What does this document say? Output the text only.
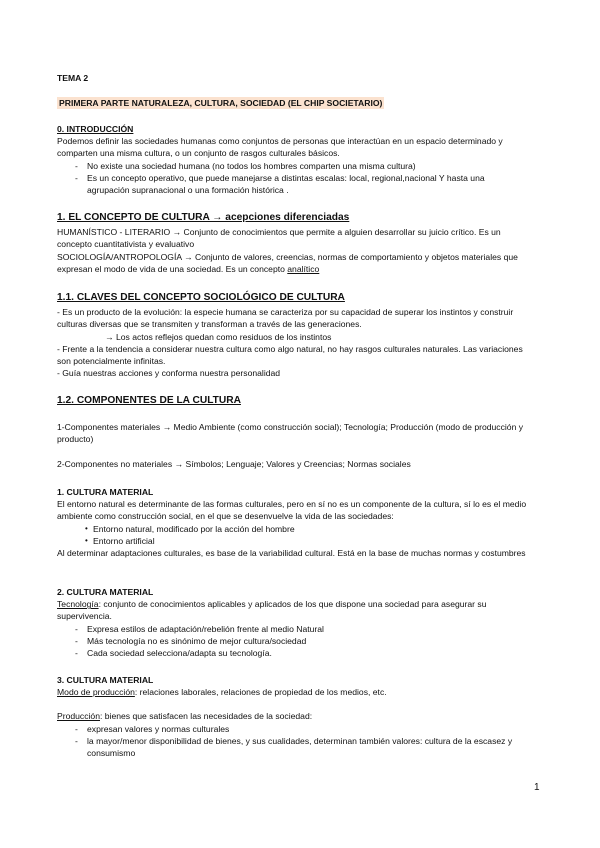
TEMA 2
PRIMERA PARTE NATURALEZA, CULTURA, SOCIEDAD (EL CHIP SOCIETARIO)
0. INTRODUCCIÓN
Podemos definir las sociedades humanas como conjuntos de personas que interactúan en un espacio determinado y comparten una misma cultura, o un conjunto de rasgos culturales básicos.
-	No existe una sociedad humana (no todos los hombres comparten una misma cultura)
-	Es un concepto operativo, que puede manejarse a distintas escalas: local, regional,nacional Y hasta una agrupación supranacional o una formación histórica .
1. EL CONCEPTO DE CULTURA → acepciones diferenciadas
HUMANÍSTICO - LITERARIO → Conjunto de conocimientos que permite a alguien desarrollar su juicio crítico. Es un concepto cuantitativista y evaluativo
SOCIOLOGÍA/ANTROPOLOGÍA → Conjunto de valores, creencias, normas de comportamiento y objetos materiales que expresan el modo de vida de una sociedad. Es un concepto analítico
1.1. CLAVES DEL CONCEPTO SOCIOLÓGICO DE CULTURA
- Es un producto de la evolución: la especie humana se caracteriza por su capacidad de superar los instintos y construir culturas diversas que se transmiten y transforman a través de las generaciones.
→ Los actos reflejos quedan como residuos de los instintos
- Frente a la tendencia a considerar nuestra cultura como algo natural, no hay rasgos culturales naturales. Las variaciones son potencialmente infinitas.
- Guía nuestras acciones y conforma nuestra personalidad
1.2. COMPONENTES DE LA CULTURA
1-Componentes materiales → Medio Ambiente (como construcción social); Tecnología; Producción (modo de producción y producto)
2-Componentes no materiales → Símbolos; Lenguaje; Valores y Creencias; Normas sociales
1. CULTURA MATERIAL
El entorno natural es determinante de las formas culturales, pero en sí no es un componente de la cultura, sí lo es el medio ambiente como construcción social, en el que se desenvuelve la vida de las sociedades:
• Entorno natural, modificado por la acción del hombre
• Entorno artificial
Al determinar adaptaciones culturales, es base de la variabilidad cultural. Está en la base de muchas normas y costumbres
2. CULTURA MATERIAL
Tecnología: conjunto de conocimientos aplicables y aplicados de los que dispone una sociedad para asegurar su supervivencia.
-	Expresa estilos de adaptación/rebelión frente al medio Natural
-	Más tecnología no es sinónimo de mejor cultura/sociedad
-	Cada sociedad selecciona/adapta su tecnología.
3. CULTURA MATERIAL
Modo de producción: relaciones laborales, relaciones de propiedad de los medios, etc.
Producción: bienes que satisfacen las necesidades de la sociedad:
-	expresan valores y normas culturales
-	la mayor/menor disponibilidad de bienes, y sus cualidades, determinan también valores: cultura de la escasez y consumismo
1
